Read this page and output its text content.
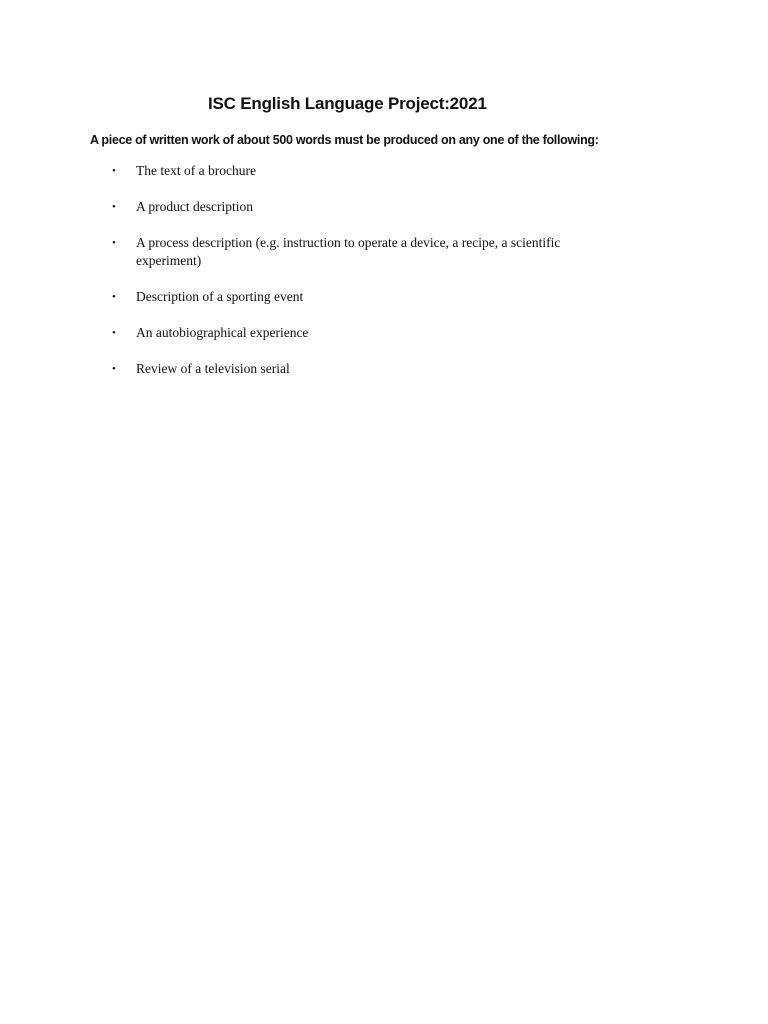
ISC English Language Project:2021

A piece of written work of about 500 words must be produced on any one of the following:

• The text of a brochure
• A product description
• A process description (e.g. instruction to operate a device, a recipe, a scientific experiment)
• Description of a sporting event
• An autobiographical experience
• Review of a television serial
